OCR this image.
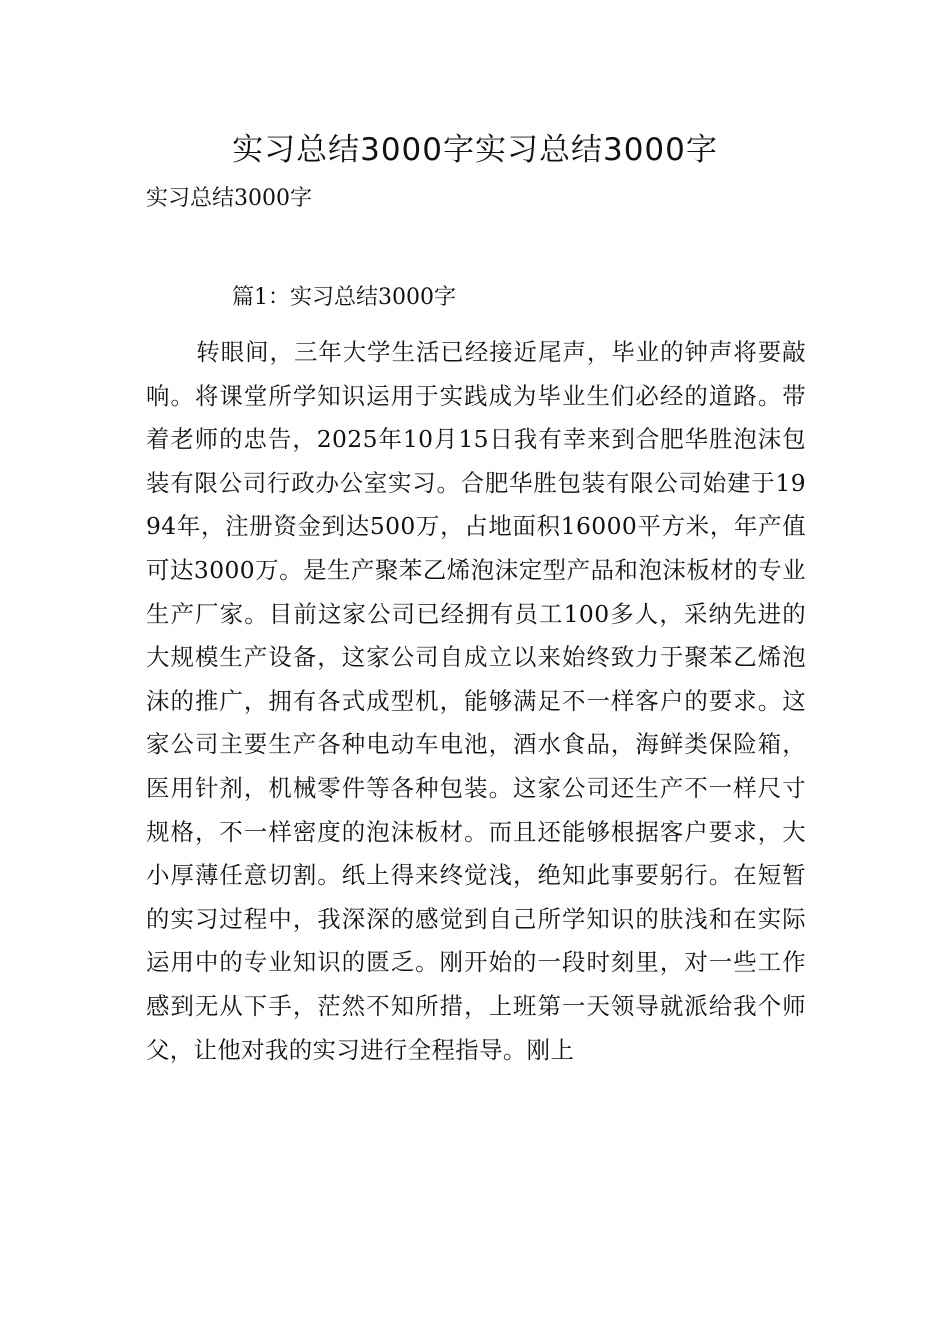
实习总结3000字实习总结3000字

实习总结3000字

篇1：实习总结3000字

转眼间，三年大学生活已经接近尾声，毕业的钟声将要敲响。将课堂所学知识运用于实践成为毕业生们必经的道路。带着老师的忠告，2025年10月15日我有幸来到合肥华胜泡沫包装有限公司行政办公室实习。合肥华胜包装有限公司始建于1994年，注册资金到达500万，占地面积16000平方米，年产值可达3000万。是生产聚苯乙烯泡沫定型产品和泡沫板材的专业生产厂家。目前这家公司已经拥有员工100多人，采纳先进的大规模生产设备，这家公司自成立以来始终致力于聚苯乙烯泡沫的推广，拥有各式成型机，能够满足不一样客户的要求。这家公司主要生产各种电动车电池，酒水食品，海鲜类保险箱，医用针剂，机械零件等各种包装。这家公司还生产不一样尺寸规格，不一样密度的泡沫板材。而且还能够根据客户要求，大小厚薄任意切割。纸上得来终觉浅，绝知此事要躬行。在短暂的实习过程中，我深深的感觉到自己所学知识的肤浅和在实际运用中的专业知识的匮乏。刚开始的一段时刻里，对一些工作感到无从下手，茫然不知所措，上班第一天领导就派给我个师父，让他对我的实习进行全程指导。刚上
